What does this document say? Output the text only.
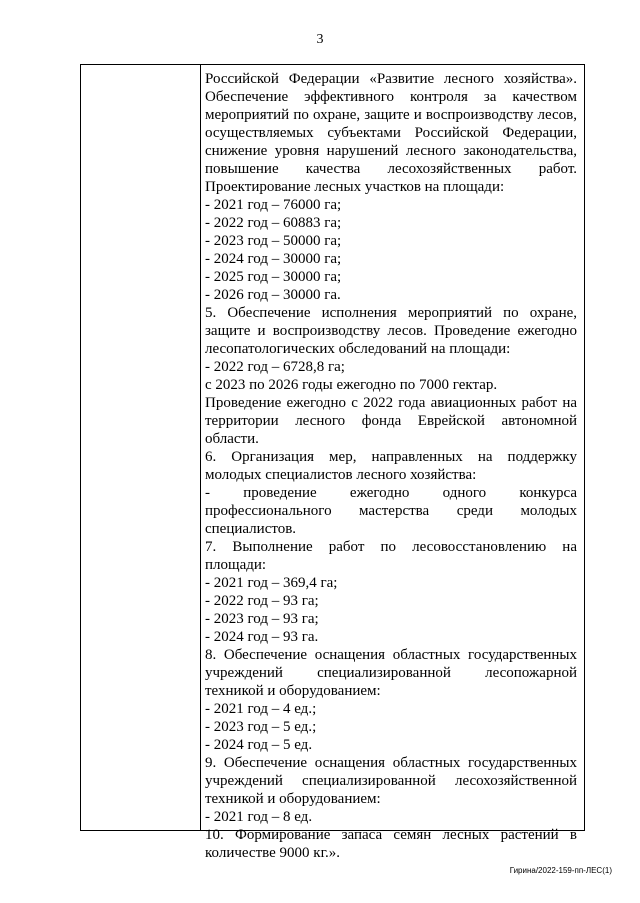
3
Российской Федерации «Развитие лесного хозяйства».
Обеспечение эффективного контроля за качеством
мероприятий по охране, защите и воспроизводству лесов,
осуществляемых субъектами Российской Федерации,
снижение уровня нарушений лесного законодательства,
повышение качества лесохозяйственных работ.
Проектирование лесных участков на площади:
- 2021 год – 76000 га;
- 2022 год – 60883 га;
- 2023 год – 50000 га;
- 2024 год – 30000 га;
- 2025 год – 30000 га;
- 2026 год – 30000 га.
5. Обеспечение исполнения мероприятий по охране,
защите и воспроизводству лесов. Проведение ежегодно
лесопатологических обследований на площади:
- 2022 год – 6728,8 га;
с 2023 по 2026 годы ежегодно по 7000 гектар.
Проведение ежегодно с 2022 года авиационных работ на
территории лесного фонда Еврейской автономной
области.
6. Организация мер, направленных на поддержку
молодых специалистов лесного хозяйства:
- проведение ежегодно одного конкурса
профессионального мастерства среди молодых
специалистов.
7. Выполнение работ по лесовосстановлению на
площади:
- 2021 год – 369,4 га;
- 2022 год – 93 га;
- 2023 год – 93 га;
- 2024 год – 93 га.
8. Обеспечение оснащения областных государственных
учреждений специализированной лесопожарной
техникой и оборудованием:
- 2021 год – 4 ед.;
- 2023 год – 5 ед.;
- 2024 год – 5 ед.
9. Обеспечение оснащения областных государственных
учреждений специализированной лесохозяйственной
техникой и оборудованием:
- 2021 год – 8 ед.
10. Формирование запаса семян лесных растений в
количестве 9000 кг.».
Гирина/2022-159-пп-ЛЕС(1)
